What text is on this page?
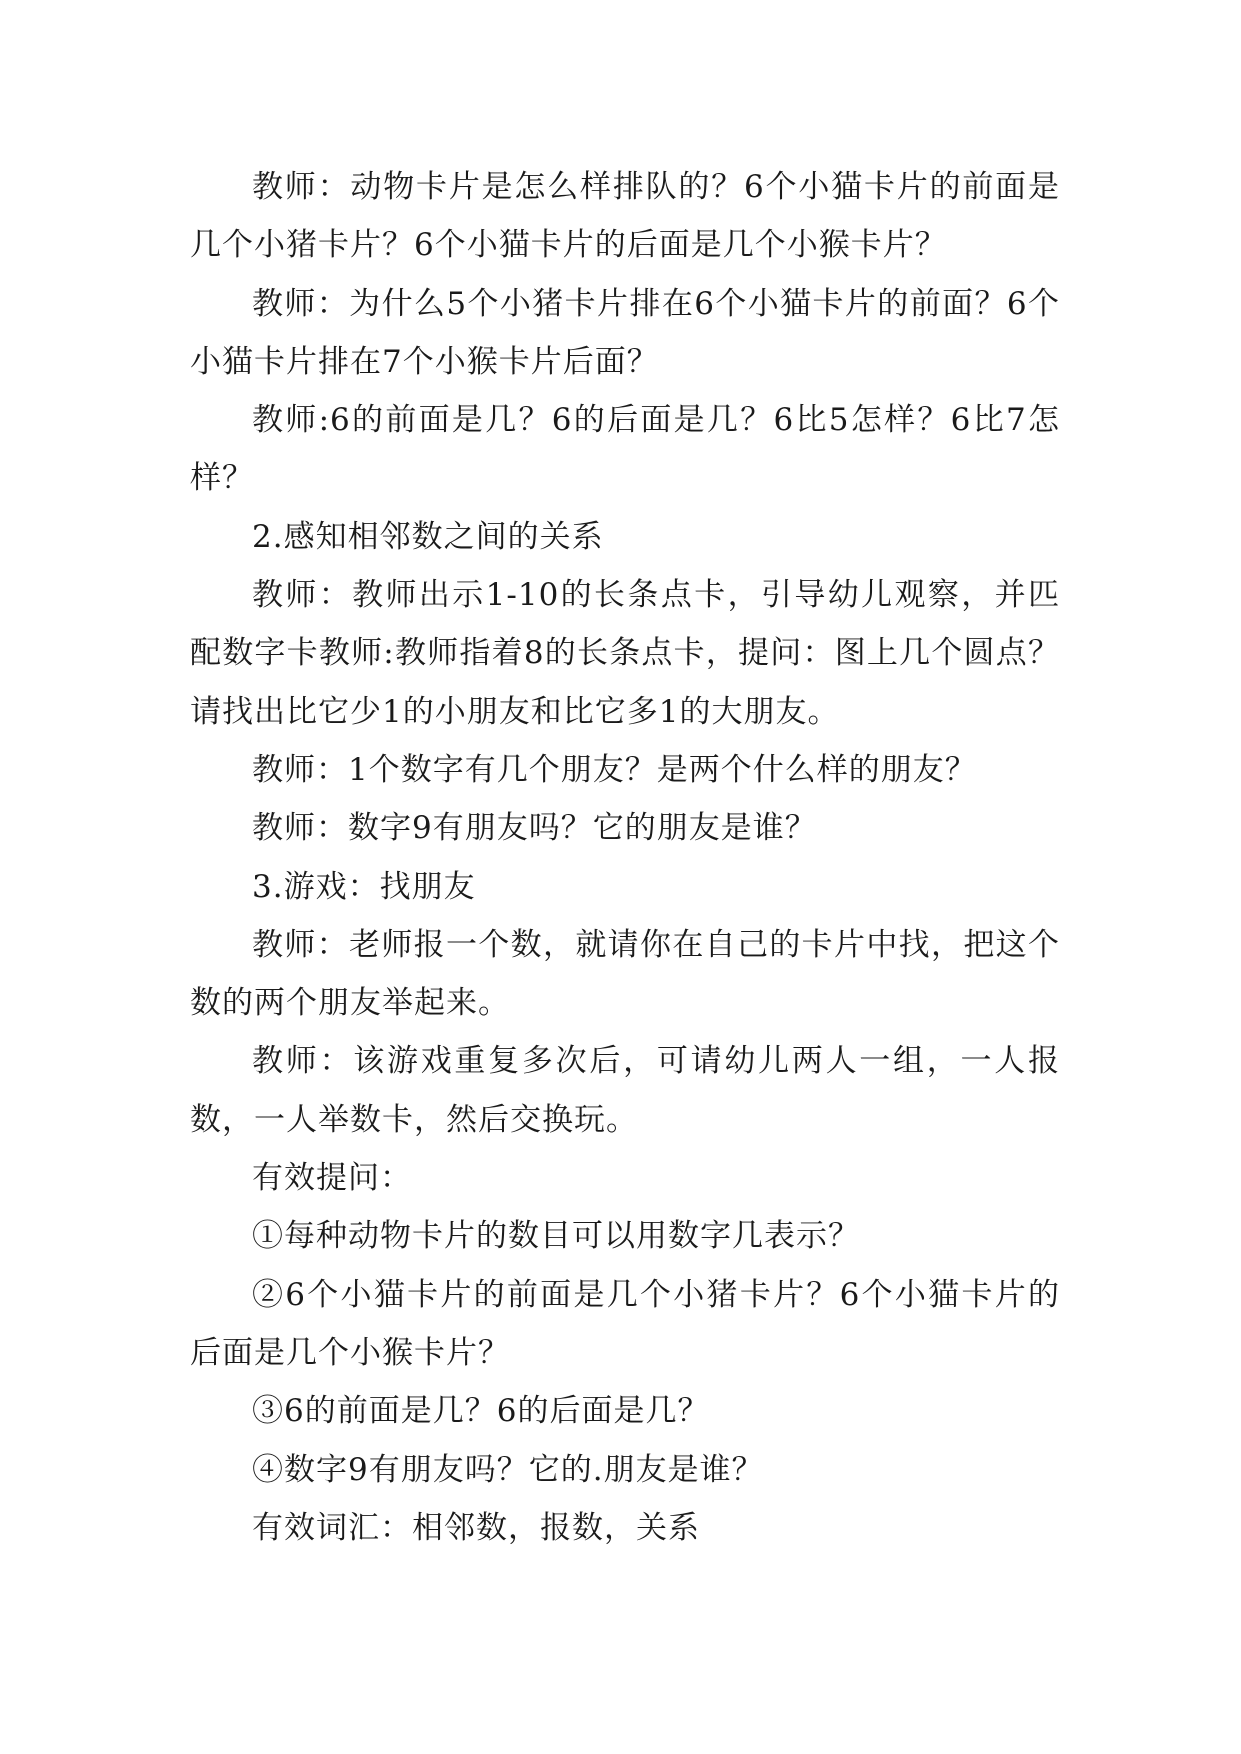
教师：动物卡片是怎么样排队的？6个小猫卡片的前面是几个小猪卡片？6个小猫卡片的后面是几个小猴卡片？

教师：为什么5个小猪卡片排在6个小猫卡片的前面？6个小猫卡片排在7个小猴卡片后面？

教师:6的前面是几？6的后面是几？6比5怎样？6比7怎样？

2.感知相邻数之间的关系

教师：教师出示1-10的长条点卡，引导幼儿观察，并匹配数字卡教师:教师指着8的长条点卡，提问：图上几个圆点？请找出比它少1的小朋友和比它多1的大朋友。

教师：1个数字有几个朋友？是两个什么样的朋友？

教师：数字9有朋友吗？它的朋友是谁？

3.游戏：找朋友

教师：老师报一个数，就请你在自己的卡片中找，把这个数的两个朋友举起来。

教师：该游戏重复多次后，可请幼儿两人一组，一人报数，一人举数卡，然后交换玩。

有效提问：

①每种动物卡片的数目可以用数字几表示？

②6个小猫卡片的前面是几个小猪卡片？6个小猫卡片的后面是几个小猴卡片？

③6的前面是几？6的后面是几？

④数字9有朋友吗？它的.朋友是谁？

有效词汇：相邻数，报数，关系
